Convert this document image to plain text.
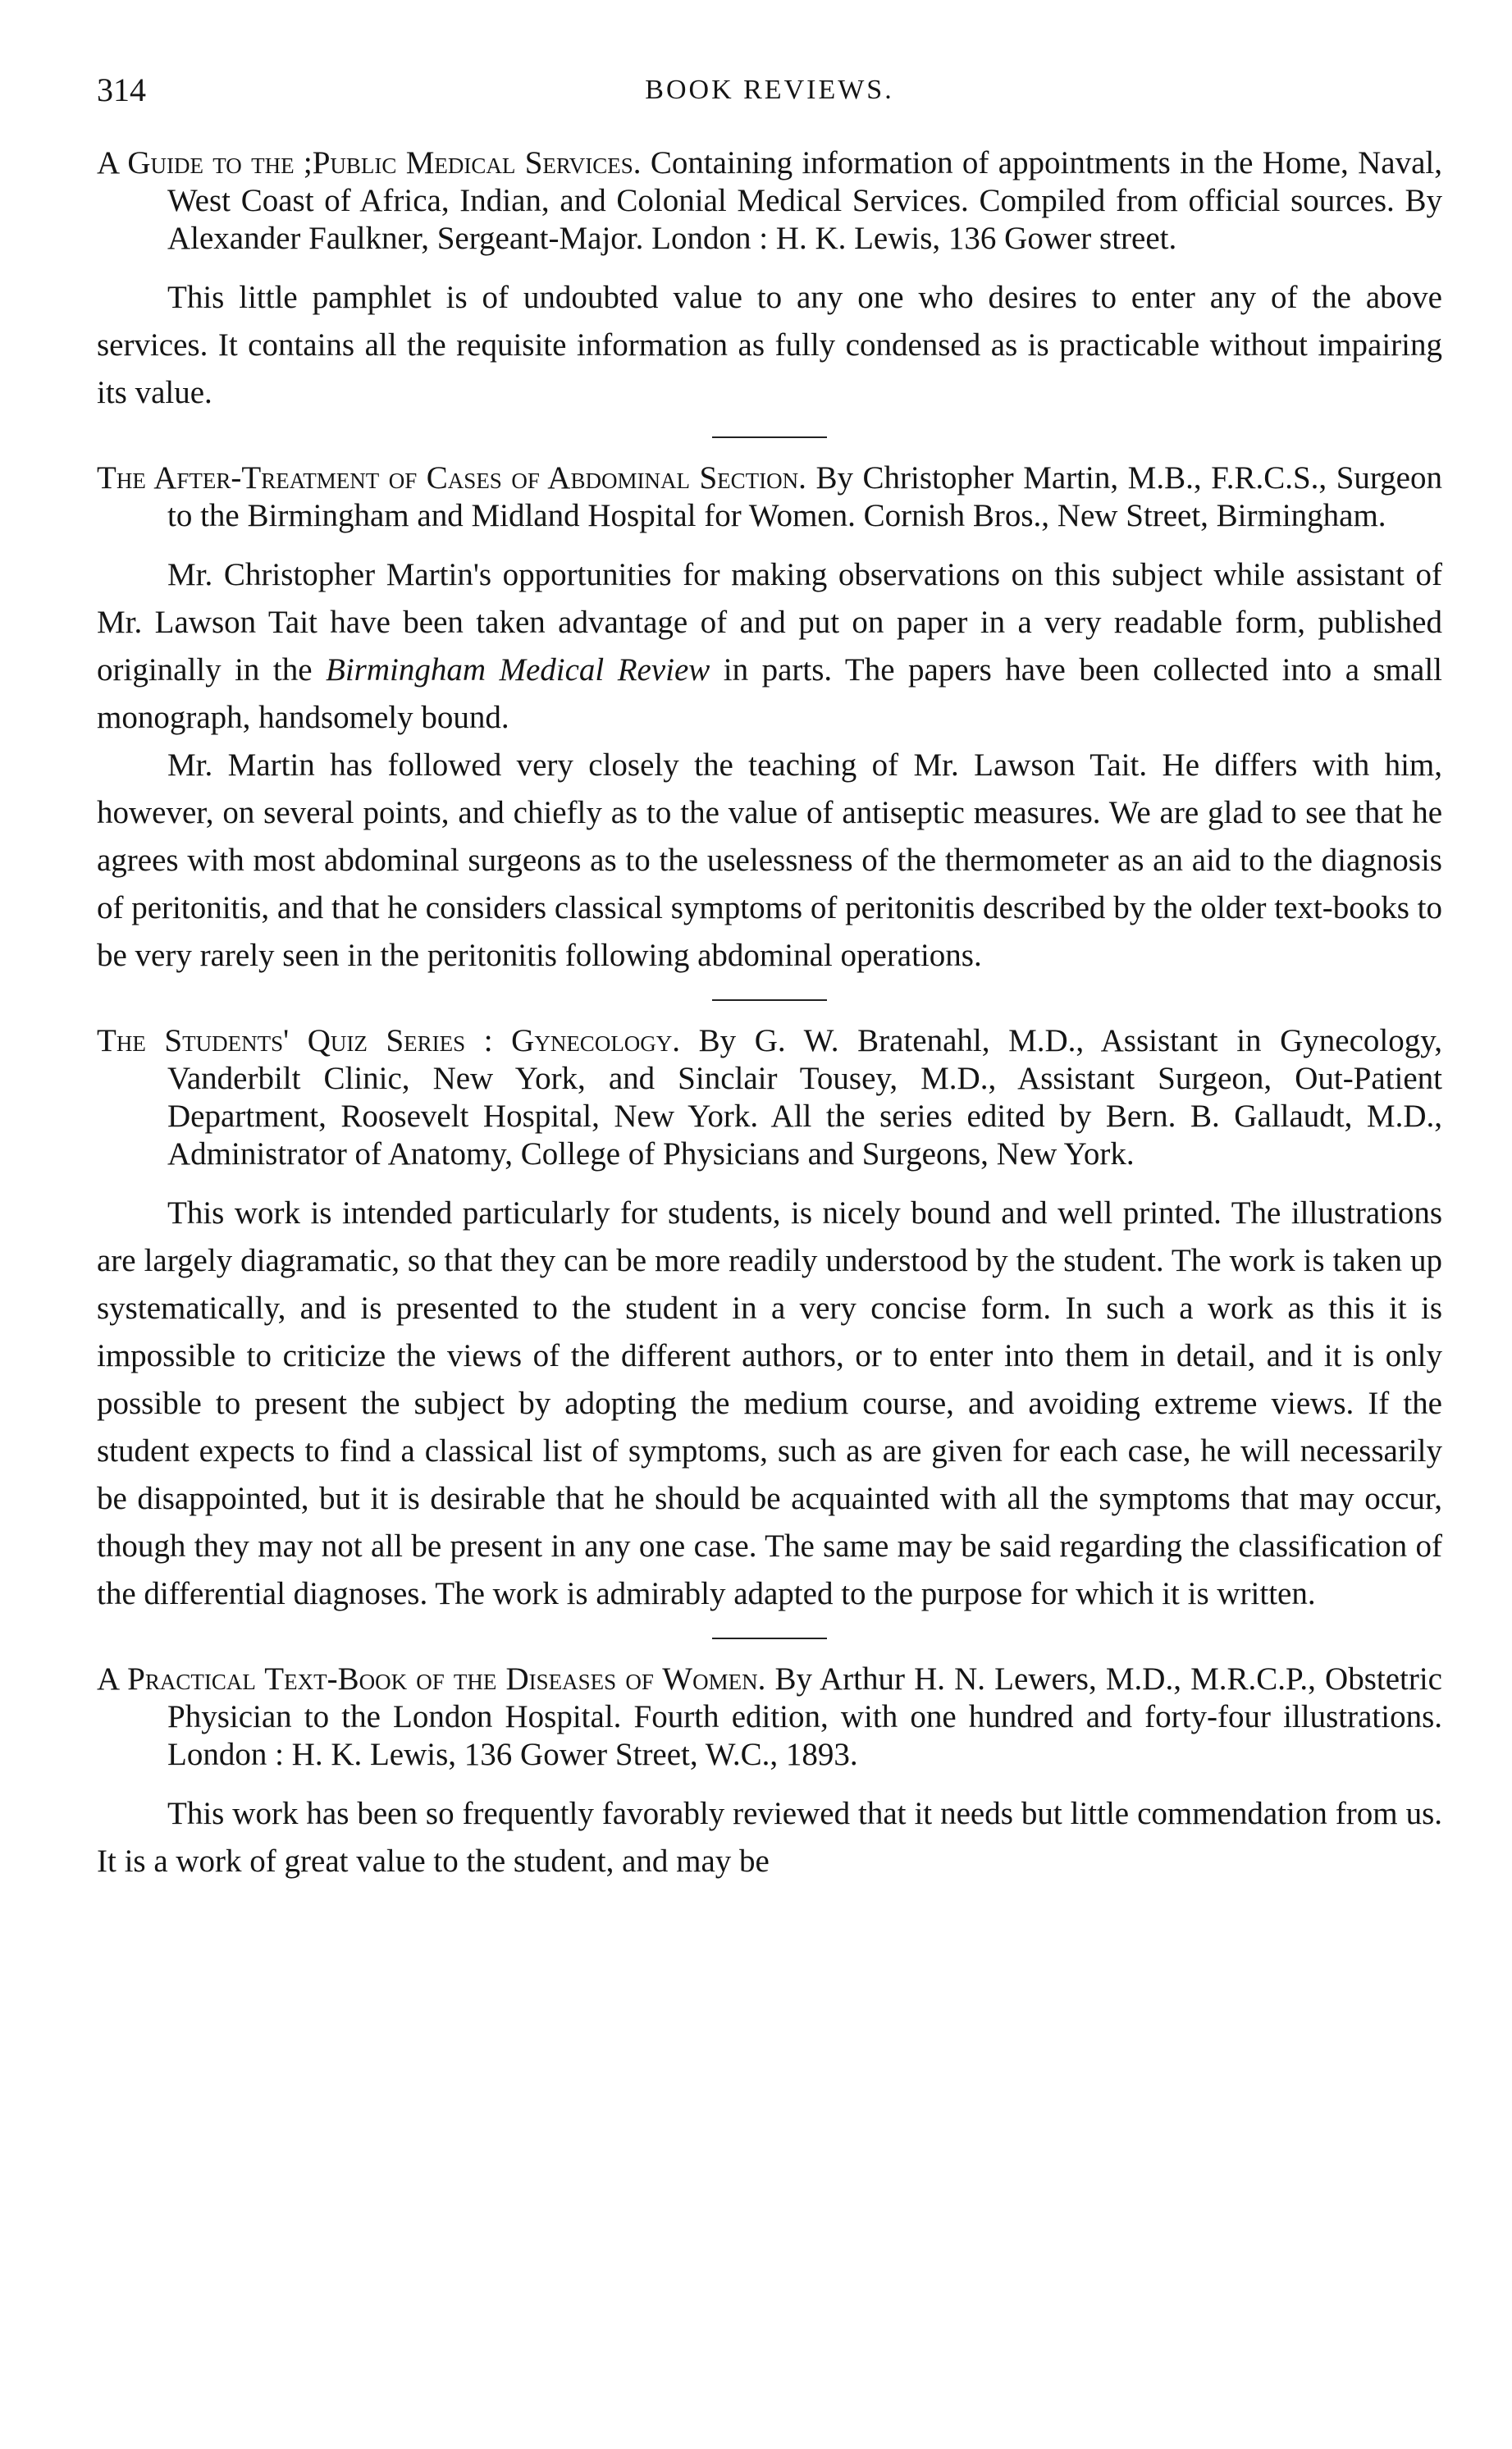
314	BOOK REVIEWS.

A Guide to the ;Public Medical Services. Containing information of appointments in the Home, Naval, West Coast of Africa, Indian, and Colonial Medical Services. Compiled from official sources. By Alexander Faulkner, Sergeant-Major. London : H. K. Lewis, 136 Gower street.

This little pamphlet is of undoubted value to any one who desires to enter any of the above services. It contains all the requisite information as fully condensed as is practicable without impairing its value.

The After-Treatment of Cases of Abdominal Section. By Christopher Martin, M.B., F.R.C.S., Surgeon to the Birmingham and Midland Hospital for Women. Cornish Bros., New Street, Birmingham.

Mr. Christopher Martin's opportunities for making observations on this subject while assistant of Mr. Lawson Tait have been taken advantage of and put on paper in a very readable form, published originally in the Birmingham Medical Review in parts. The papers have been collected into a small monograph, handsomely bound.

Mr. Martin has followed very closely the teaching of Mr. Lawson Tait. He differs with him, however, on several points, and chiefly as to the value of antiseptic measures. We are glad to see that he agrees with most abdominal surgeons as to the uselessness of the thermometer as an aid to the diagnosis of peritonitis, and that he considers classical symptoms of peritonitis described by the older text-books to be very rarely seen in the peritonitis following abdominal operations.

The Students' Quiz Series : Gynecology. By G. W. Bratenahl, M.D., Assistant in Gynecology, Vanderbilt Clinic, New York, and Sinclair Tousey, M.D., Assistant Surgeon, Out-Patient Department, Roosevelt Hospital, New York. All the series edited by Bern. B. Gallaudt, M.D., Administrator of Anatomy, College of Physicians and Surgeons, New York.

This work is intended particularly for students, is nicely bound and well printed. The illustrations are largely diagramatic, so that they can be more readily understood by the student. The work is taken up systematically, and is presented to the student in a very concise form. In such a work as this it is impossible to criticize the views of the different authors, or to enter into them in detail, and it is only possible to present the subject by adopting the medium course, and avoiding extreme views. If the student expects to find a classical list of symptoms, such as are given for each case, he will necessarily be disappointed, but it is desirable that he should be acquainted with all the symptoms that may occur, though they may not all be present in any one case. The same may be said regarding the classification of the differential diagnoses. The work is admirably adapted to the purpose for which it is written.

A Practical Text-Book of the Diseases of Women. By Arthur H. N. Lewers, M.D., M.R.C.P., Obstetric Physician to the London Hospital. Fourth edition, with one hundred and forty-four illustrations. London : H. K. Lewis, 136 Gower Street, W.C., 1893.

This work has been so frequently favorably reviewed that it needs but little commendation from us. It is a work of great value to the student, and may be
